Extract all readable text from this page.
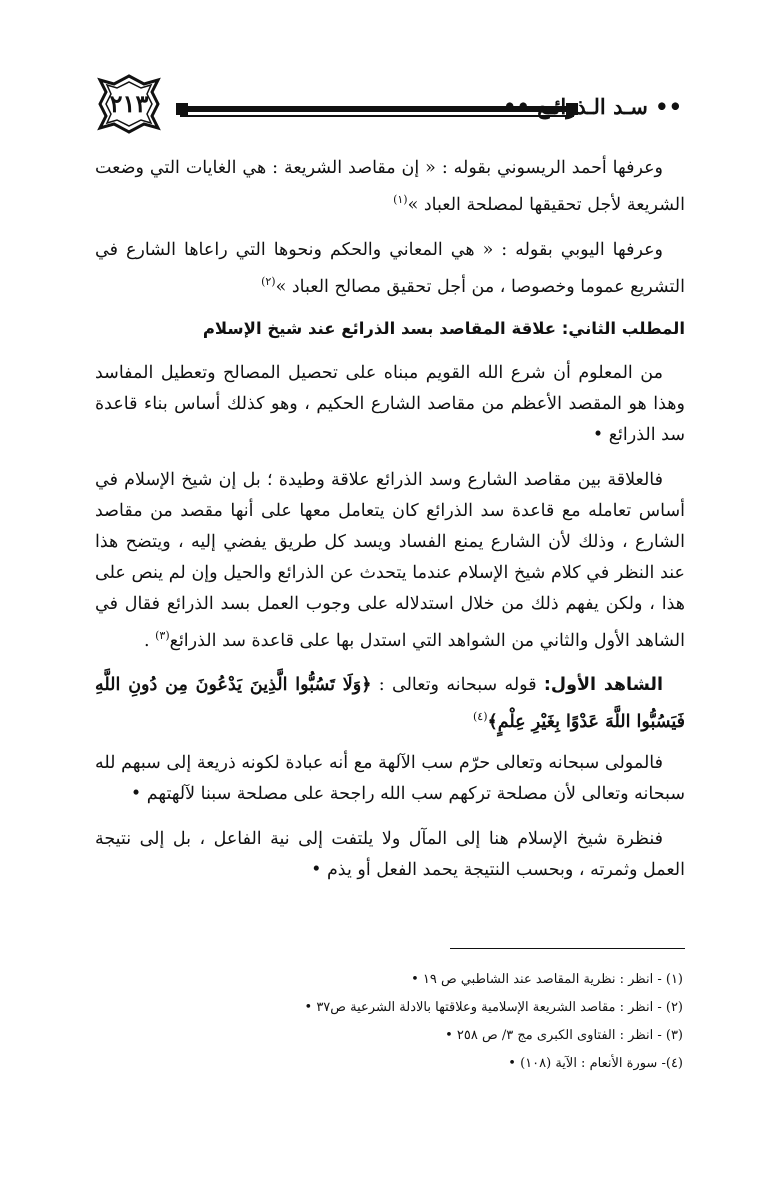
٢١٣	•• سـد الـذرائـع ••

وعرفها أحمد الريسوني بقوله : « إن مقاصد الشريعة : هي الغايات التي وضعت الشريعة لأجل تحقيقها لمصلحة العباد »$^{(١)}$

وعرفها اليوبي بقوله : « هي المعاني والحكم ونحوها التي راعاها الشارع في التشريع عموما وخصوصا ، من أجل تحقيق مصالح العباد »$^{(٢)}$

المطلب الثاني: علاقة المقاصد بسد الذرائع عند شيخ الإسلام

من المعلوم أن شرع الله القويم مبناه على تحصيل المصالح وتعطيل المفاسد وهذا هو المقصد الأعظم من مقاصد الشارع الحكيم ، وهو كذلك أساس بناء قاعدة سد الذرائع •

فالعلاقة بين مقاصد الشارع وسد الذرائع علاقة وطيدة ؛ بل إن شيخ الإسلام في أساس تعامله مع قاعدة سد الذرائع كان يتعامل معها على أنها مقصد من مقاصد الشارع ، وذلك لأن الشارع يمنع الفساد ويسد كل طريق يفضي إليه ، ويتضح هذا عند النظر في كلام شيخ الإسلام عندما يتحدث عن الذرائع والحيل وإن لم ينص على هذا ، ولكن يفهم ذلك من خلال استدلاله على وجوب العمل بسد الذرائع فقال في الشاهد الأول والثاني من الشواهد التي استدل بها على قاعدة سد الذرائع$^{(٣)}$ .

الشاهد الأول: قوله سبحانه وتعالى : ﴿وَلَا تَسُبُّوا الَّذِينَ يَدْعُونَ مِن دُونِ اللَّهِ فَيَسُبُّوا اللَّهَ عَدْوًا بِغَيْرِ عِلْمٍ﴾$^{(٤)}$

فالمولى سبحانه وتعالى حرّم سب الآلهة مع أنه عبادة لكونه ذريعة إلى سبهم لله سبحانه وتعالى لأن مصلحة تركهم سب الله راجحة على مصلحة سبنا لآلهتهم •

فنظرة شيخ الإسلام هنا إلى المآل ولا يلتفت إلى نية الفاعل ، بل إلى نتيجة العمل وثمرته ، وبحسب النتيجة يحمد الفعل أو يذم •

(١) - انظر : نظرية المقاصد عند الشاطبي ص ١٩ •
(٢) - انظر : مقاصد الشريعة الإسلامية وعلاقتها بالادلة الشرعية ص٣٧ •
(٣) - انظر : الفتاوى الكبرى مج ٣/ ص ٢٥٨ •
(٤)- سورة الأنعام : الآية (١٠٨) •
